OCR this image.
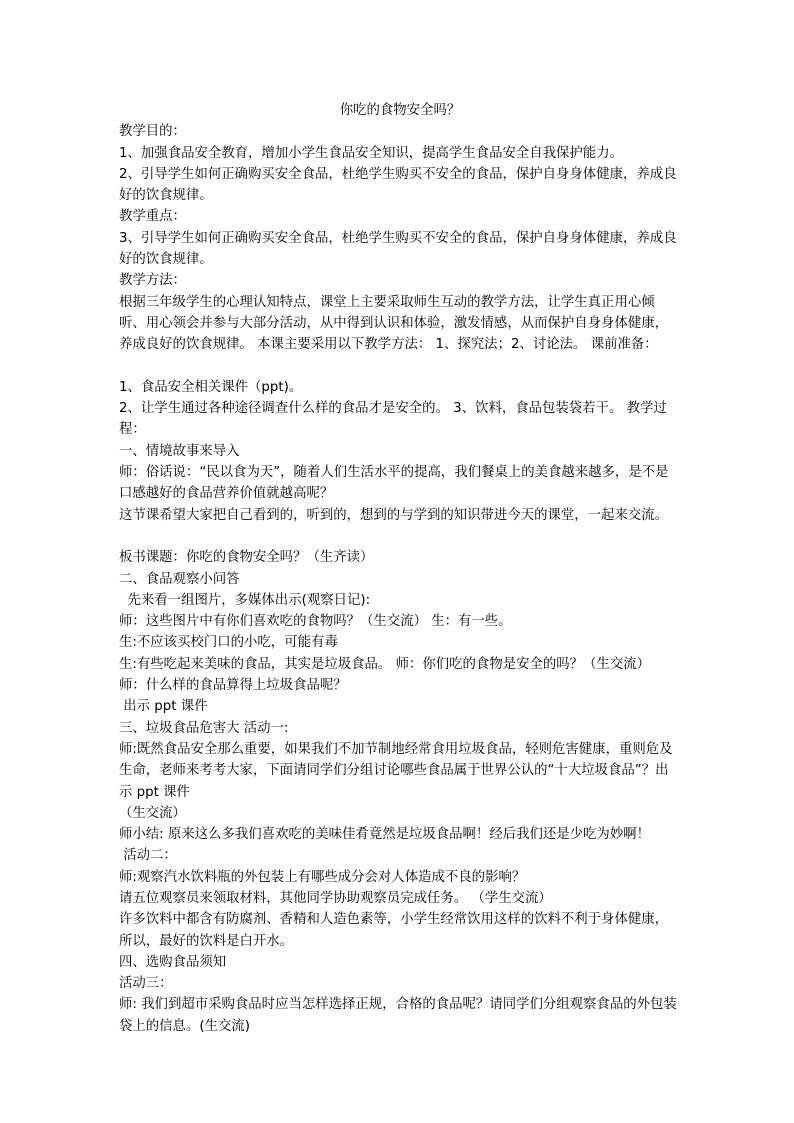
你吃的食物安全吗？

教学目的：

1、加强食品安全教育，增加小学生食品安全知识，提高学生食品安全自我保护能力。

2、引导学生如何正确购买安全食品，杜绝学生购买不安全的食品，保护自身身体健康，养成良好的饮食规律。

教学重点：

3、引导学生如何正确购买安全食品，杜绝学生购买不安全的食品，保护自身身体健康，养成良好的饮食规律。

教学方法：

根据三年级学生的心理认知特点，课堂上主要采取师生互动的教学方法，让学生真正用心倾听、用心领会并参与大部分活动，从中得到认识和体验，激发情感，从而保护自身身体健康，养成良好的饮食规律。 本课主要采用以下教学方法： 1、探究法；2、讨论法。 课前准备：

1、食品安全相关课件（ppt)。

2、让学生通过各种途径调查什么样的食品才是安全的。 3、饮料，食品包装袋若干。 教学过程：

一、情境故事来导入

师：俗话说：“民以食为天”，随着人们生活水平的提高，我们餐桌上的美食越来越多，是不是口感越好的食品营养价值就越高呢？

这节课希望大家把自己看到的，听到的，想到的与学到的知识带进今天的课堂，一起来交流。

板书课题：你吃的食物安全吗？（生齐读）

二、食品观察小问答

先来看一组图片，多媒体出示(观察日记):

师：这些图片中有你们喜欢吃的食物吗？（生交流） 生：有一些。

生:不应该买校门口的小吃，可能有毒

生:有些吃起来美味的食品，其实是垃圾食品。 师：你们吃的食物是安全的吗？（生交流）

师：什么样的食品算得上垃圾食品呢？

出示 ppt 课件

三、垃圾食品危害大 活动一:

师:既然食品安全那么重要，如果我们不加节制地经常食用垃圾食品，轻则危害健康，重则危及生命，老师来考考大家，下面请同学们分组讨论哪些食品属于世界公认的“十大垃圾食品”？出示 ppt 课件

（生交流）

师小结: 原来这么多我们喜欢吃的美味佳肴竟然是垃圾食品啊！经后我们还是少吃为妙啊！

活动二：

师:观察汽水饮料瓶的外包装上有哪些成分会对人体造成不良的影响？

请五位观察员来领取材料，其他同学协助观察员完成任务。 （学生交流）

许多饮料中都含有防腐剂、香精和人造色素等，小学生经常饮用这样的饮料不利于身体健康，所以，最好的饮料是白开水。

四、选购食品须知

活动三：

师: 我们到超市采购食品时应当怎样选择正规，合格的食品呢？请同学们分组观察食品的外包装袋上的信息。(生交流)
